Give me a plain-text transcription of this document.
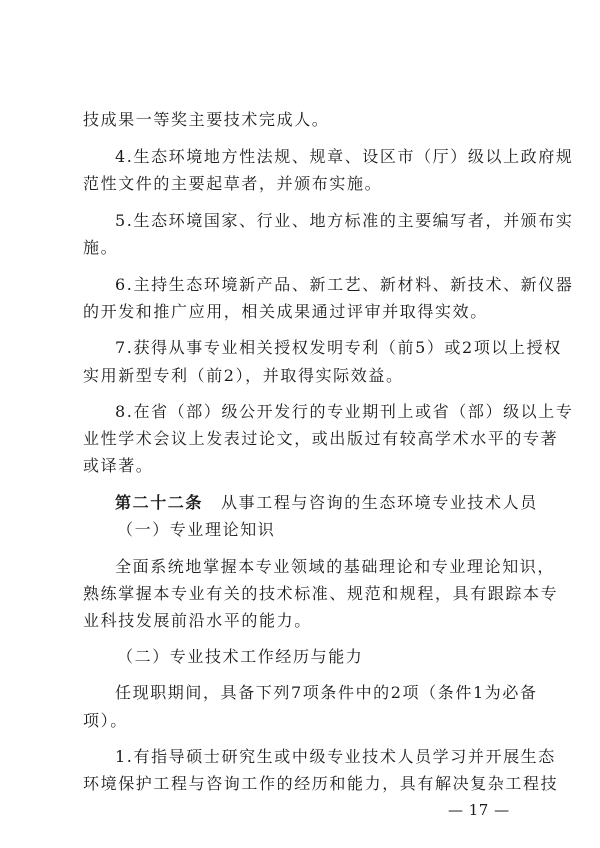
技成果一等奖主要技术完成人。
4.生态环境地方性法规、规章、设区市（厅）级以上政府规
范性文件的主要起草者，并颁布实施。
5.生态环境国家、行业、地方标准的主要编写者，并颁布实
施。
6.主持生态环境新产品、新工艺、新材料、新技术、新仪器
的开发和推广应用，相关成果通过评审并取得实效。
7.获得从事专业相关授权发明专利（前5）或2项以上授权
实用新型专利（前2），并取得实际效益。
8.在省（部）级公开发行的专业期刊上或省（部）级以上专
业性学术会议上发表过论文，或出版过有较高学术水平的专著
或译著。
第二十二条 从事工程与咨询的生态环境专业技术人员
（一）专业理论知识
全面系统地掌握本专业领域的基础理论和专业理论知识，
熟练掌握本专业有关的技术标准、规范和规程，具有跟踪本专
业科技发展前沿水平的能力。
（二）专业技术工作经历与能力
任现职期间，具备下列7项条件中的2项（条件1为必备
项）。
1.有指导硕士研究生或中级专业技术人员学习并开展生态
环境保护工程与咨询工作的经历和能力，具有解决复杂工程技
— 17 —
